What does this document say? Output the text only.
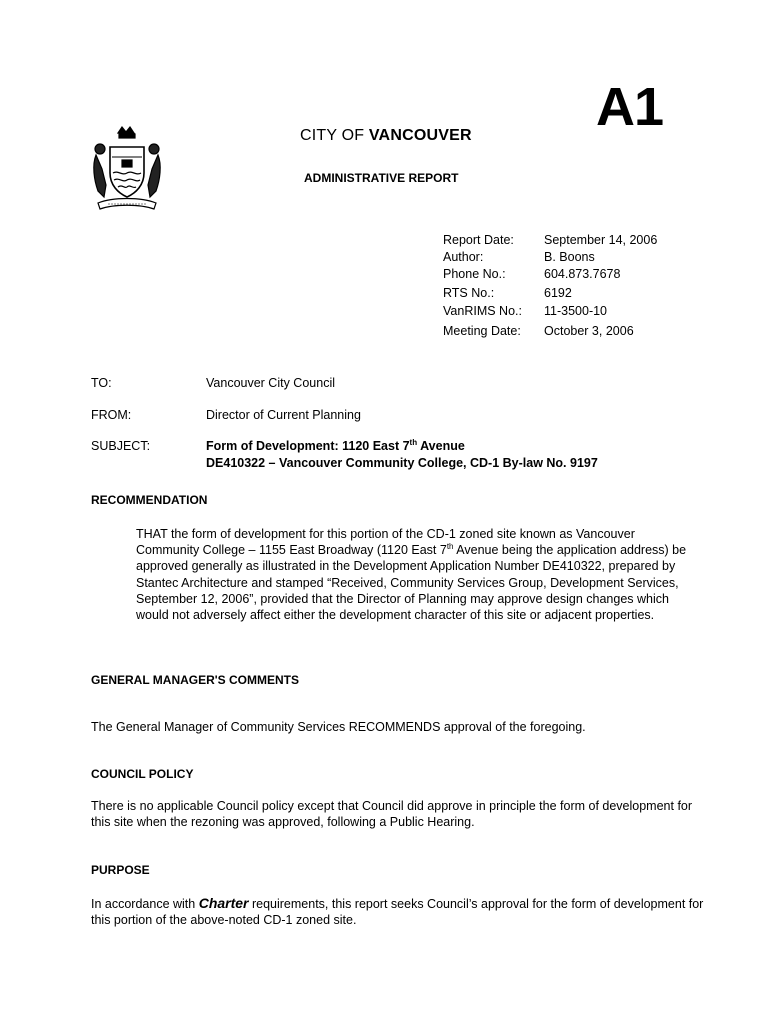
A1
CITY OF VANCOUVER
ADMINISTRATIVE REPORT
Report Date: September 14, 2006
Author:	B. Boons
Phone No.:	604.873.7678
RTS No.:	6192
VanRIMS No.: 11-3500-10
Meeting Date: October 3, 2006
TO:	Vancouver City Council
FROM:	Director of Current Planning
SUBJECT:	Form of Development: 1120 East 7th Avenue
DE410322 – Vancouver Community College, CD-1 By-law No. 9197
RECOMMENDATION
THAT the form of development for this portion of the CD-1 zoned site known as Vancouver Community College – 1155 East Broadway (1120 East 7th Avenue being the application address) be approved generally as illustrated in the Development Application Number DE410322, prepared by Stantec Architecture and stamped “Received, Community Services Group, Development Services, September 12, 2006”, provided that the Director of Planning may approve design changes which would not adversely affect either the development character of this site or adjacent properties.
GENERAL MANAGER'S COMMENTS
The General Manager of Community Services RECOMMENDS approval of the foregoing.
COUNCIL POLICY
There is no applicable Council policy except that Council did approve in principle the form of development for this site when the rezoning was approved, following a Public Hearing.
PURPOSE
In accordance with Charter requirements, this report seeks Council’s approval for the form of development for this portion of the above-noted CD-1 zoned site.
